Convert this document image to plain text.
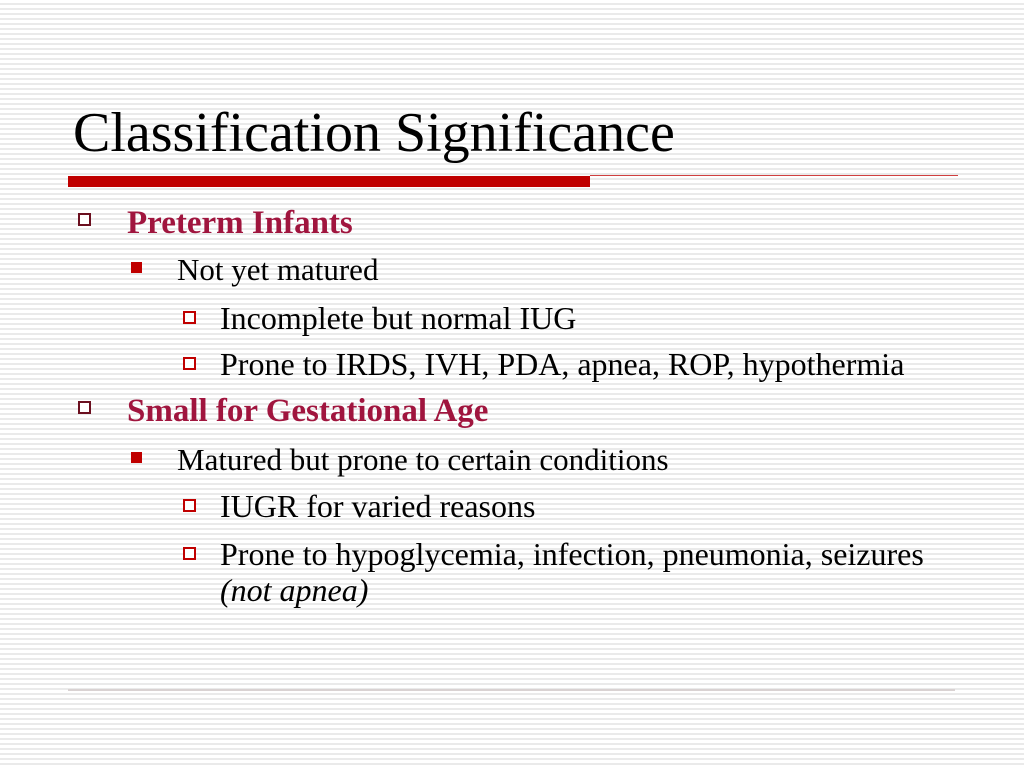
Classification Significance
Preterm Infants
Not yet matured
Incomplete but normal IUG
Prone to IRDS, IVH, PDA, apnea, ROP, hypothermia
Small for Gestational Age
Matured but prone to certain conditions
IUGR for varied reasons
Prone to hypoglycemia, infection, pneumonia, seizures
(not apnea)
